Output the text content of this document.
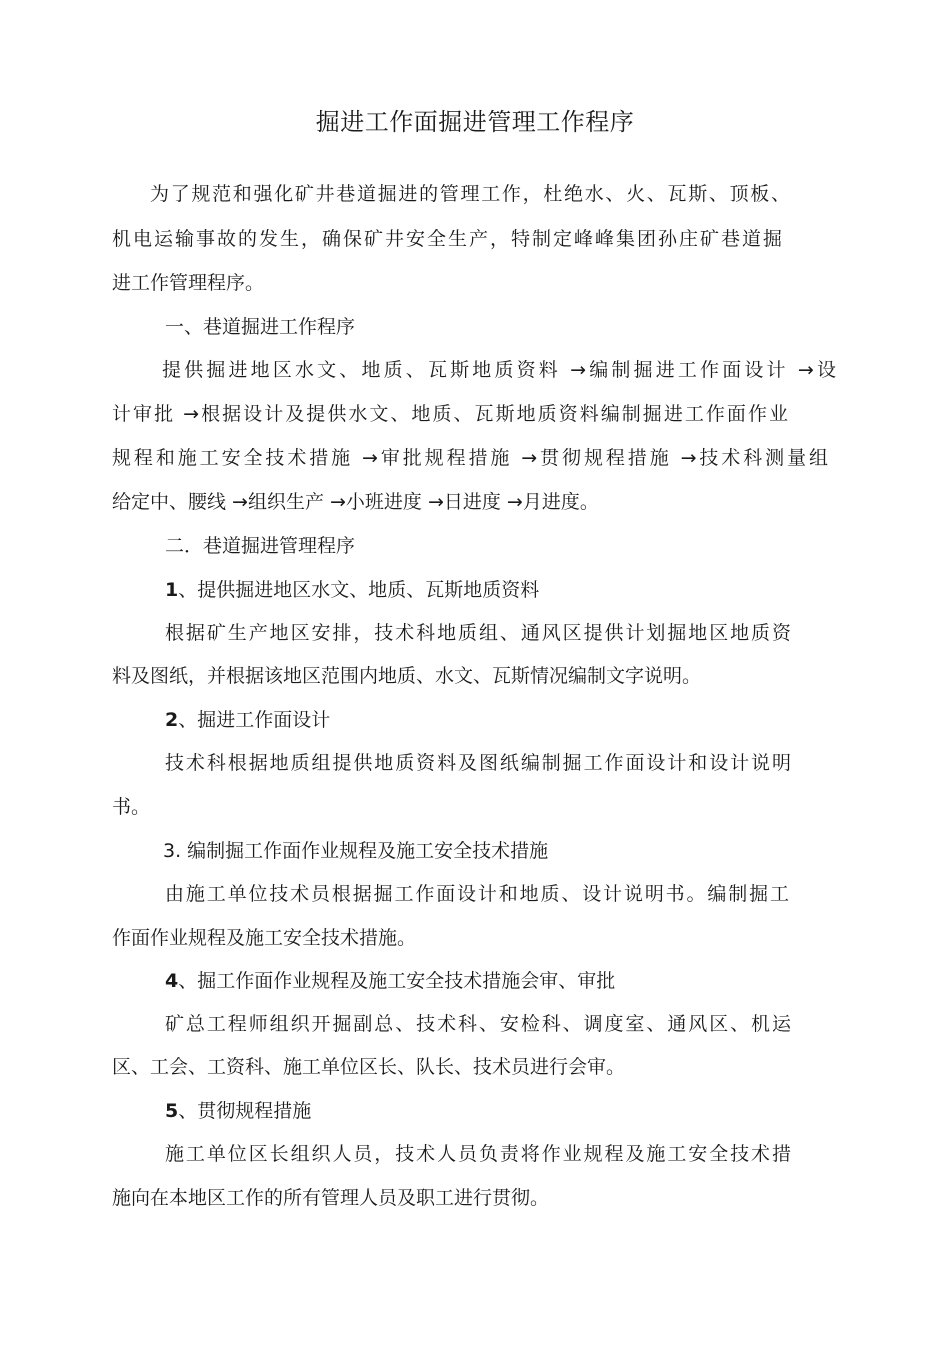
掘进工作面掘进管理工作程序
为了规范和强化矿井巷道掘进的管理工作，杜绝水、火、瓦斯、顶板、
机电运输事故的发生，确保矿井安全生产，特制定峰峰集团孙庄矿巷道掘
进工作管理程序。
一、巷道掘进工作程序
提供掘进地区水文、地质、瓦斯地质资料 →编制掘进工作面设计 →设
计审批 →根据设计及提供水文、地质、瓦斯地质资料编制掘进工作面作业
规程和施工安全技术措施 →审批规程措施 →贯彻规程措施 →技术科测量组
给定中、腰线 →组织生产 →小班进度 →日进度 →月进度。
二．巷道掘进管理程序
1、提供掘进地区水文、地质、瓦斯地质资料
根据矿生产地区安排，技术科地质组、通风区提供计划掘地区地质资
料及图纸，并根据该地区范围内地质、水文、瓦斯情况编制文字说明。
2、掘进工作面设计
技术科根据地质组提供地质资料及图纸编制掘工作面设计和设计说明
书。
3. 编制掘工作面作业规程及施工安全技术措施
由施工单位技术员根据掘工作面设计和地质、设计说明书。编制掘工
作面作业规程及施工安全技术措施。
4、掘工作面作业规程及施工安全技术措施会审、审批
矿总工程师组织开掘副总、技术科、安检科、调度室、通风区、机运
区、工会、工资科、施工单位区长、队长、技术员进行会审。
5、贯彻规程措施
施工单位区长组织人员，技术人员负责将作业规程及施工安全技术措
施向在本地区工作的所有管理人员及职工进行贯彻。
